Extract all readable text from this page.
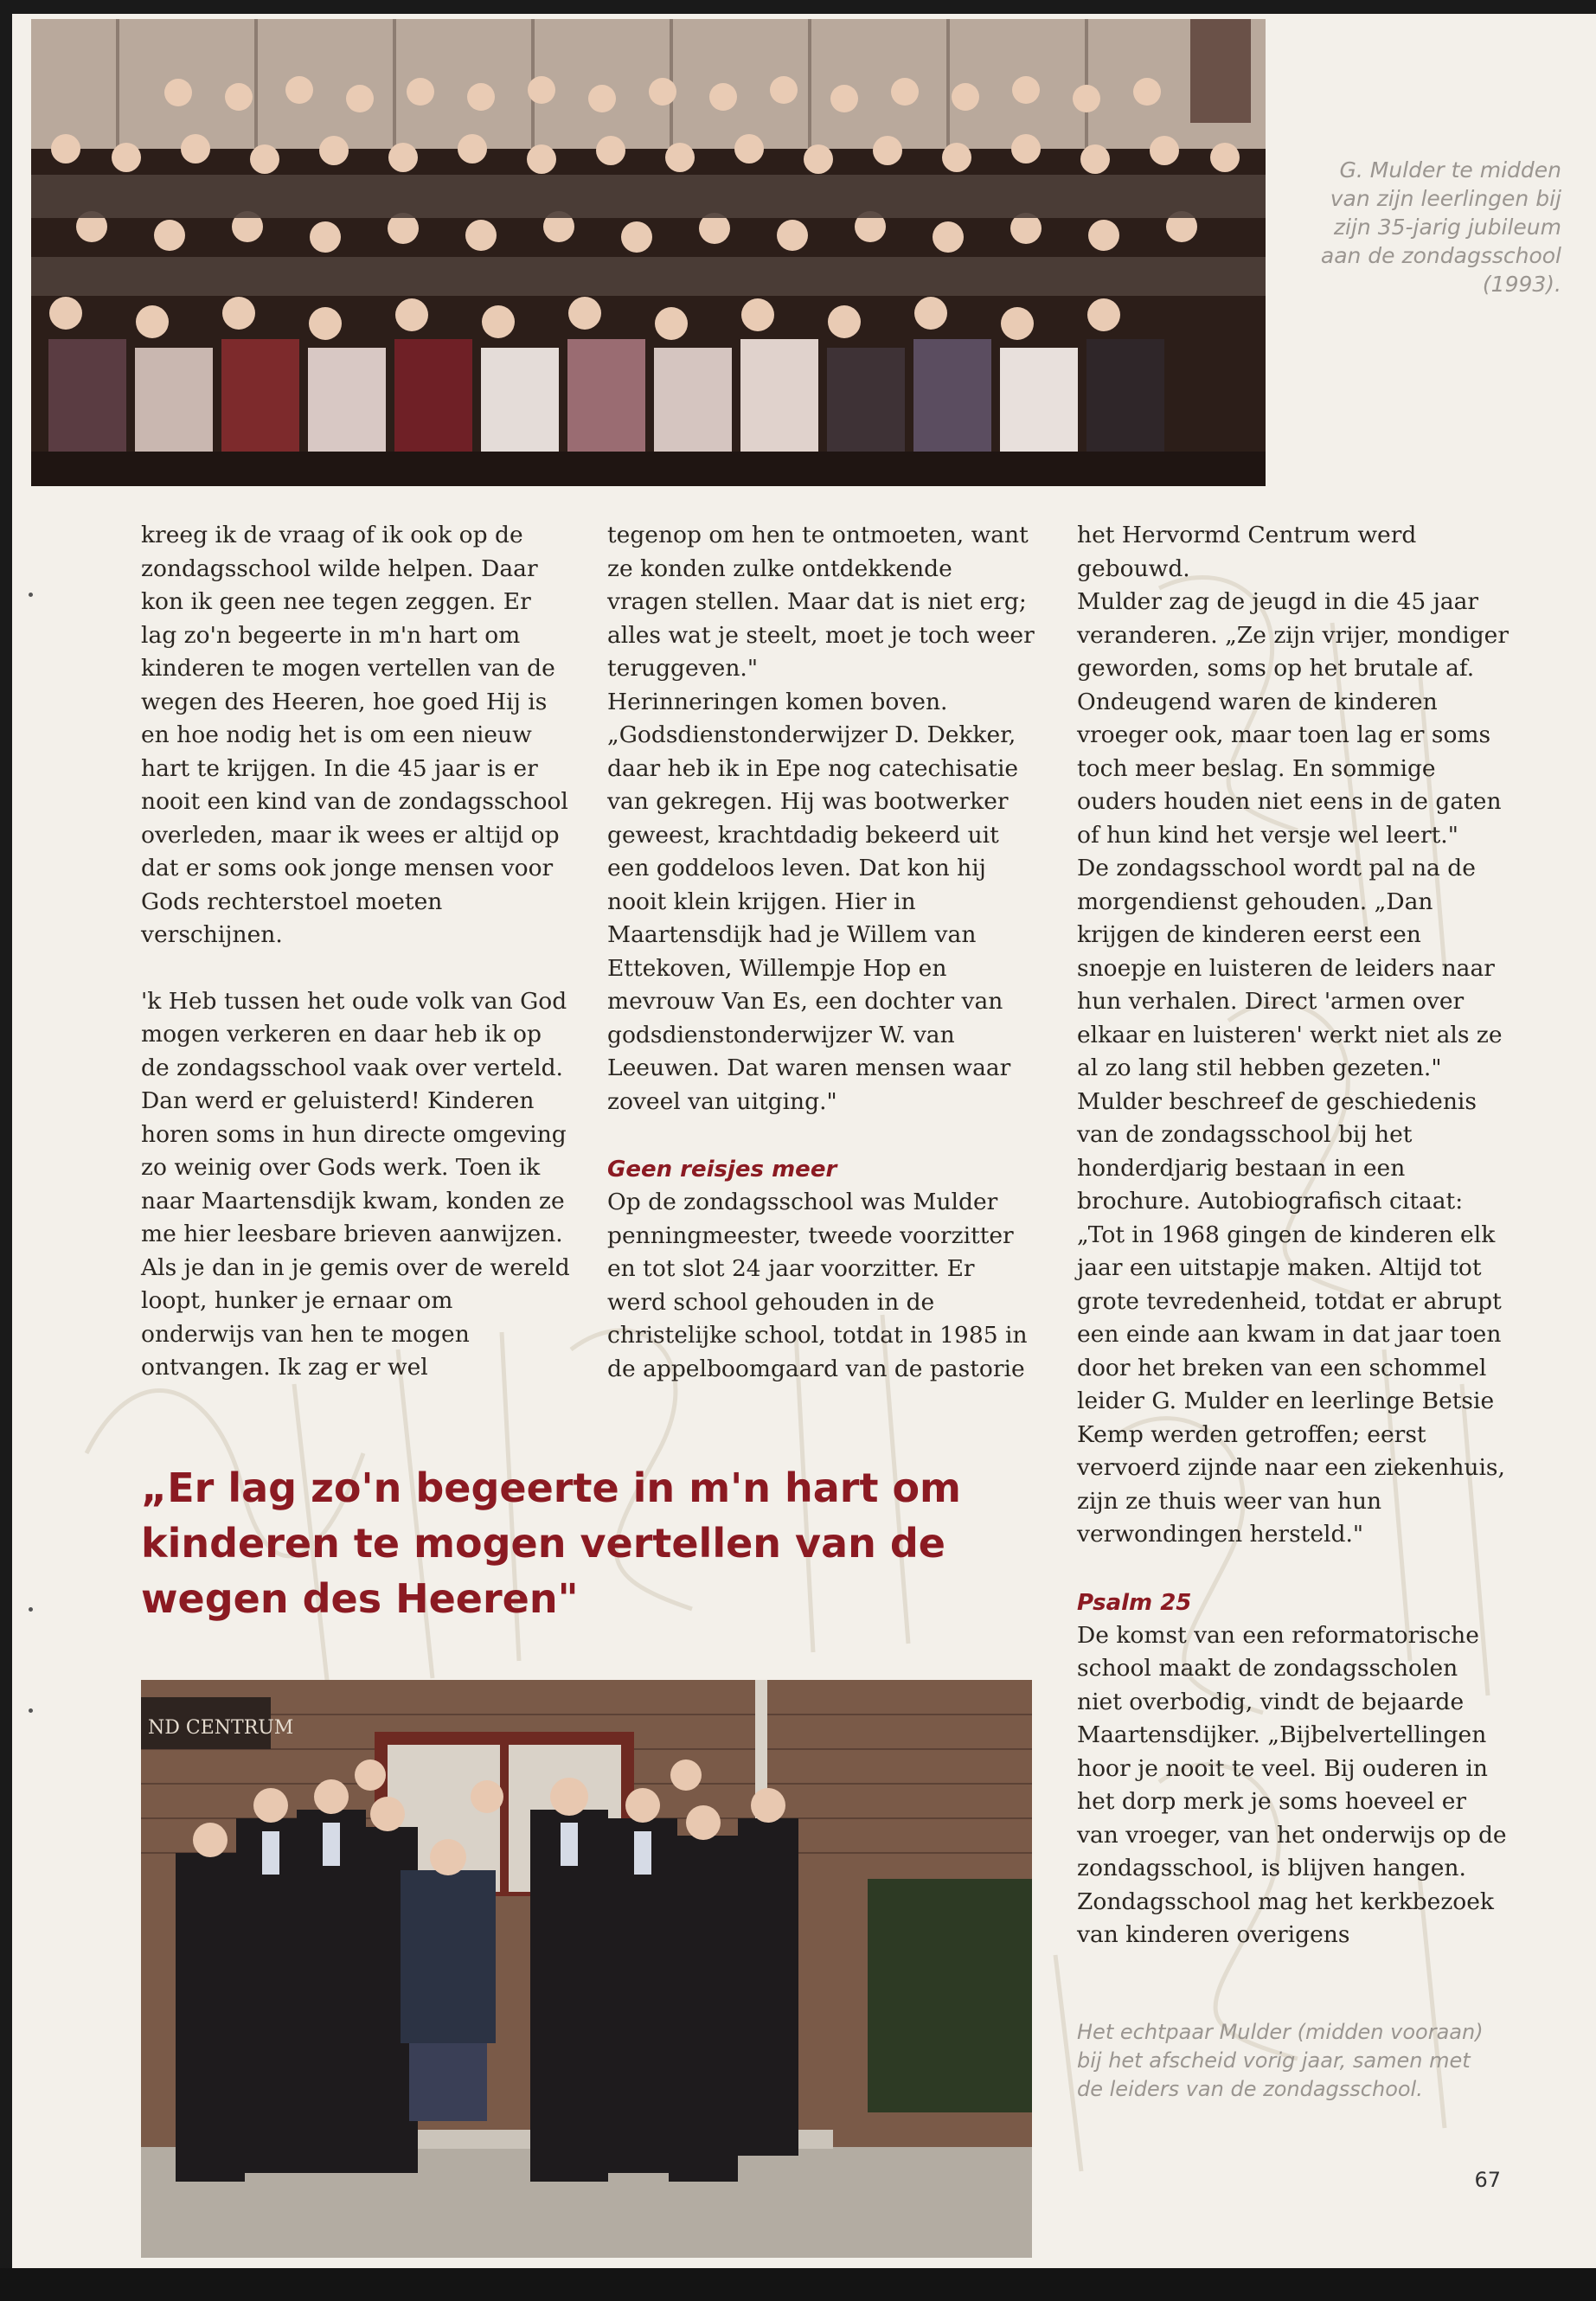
G. Mulder te midden van zijn leerlingen bij zijn 35-jarig jubileum aan de zondagsschool (1993).

kreeg ik de vraag of ik ook op de zondagsschool wilde helpen. Daar kon ik geen nee tegen zeggen. Er lag zo'n begeerte in m'n hart om kinderen te mogen vertellen van de wegen des Heeren, hoe goed Hij is en hoe nodig het is om een nieuw hart te krijgen. In die 45 jaar is er nooit een kind van de zondagsschool overleden, maar ik wees er altijd op dat er soms ook jonge mensen voor Gods rechterstoel moeten verschijnen.

'k Heb tussen het oude volk van God mogen verkeren en daar heb ik op de zondagsschool vaak over verteld. Dan werd er geluisterd! Kinderen horen soms in hun directe omgeving zo weinig over Gods werk. Toen ik naar Maartensdijk kwam, konden ze me hier leesbare brieven aanwijzen. Als je dan in je gemis over de wereld loopt, hunker je ernaar om onderwijs van hen te mogen ontvangen. Ik zag er wel

tegenop om hen te ontmoeten, want ze konden zulke ontdekkende vragen stellen. Maar dat is niet erg; alles wat je steelt, moet je toch weer teruggeven."

Herinneringen komen boven. „Godsdienstonderwijzer D. Dekker, daar heb ik in Epe nog catechisatie van gekregen. Hij was bootwerker geweest, krachtdadig bekeerd uit een goddeloos leven. Dat kon hij nooit klein krijgen. Hier in Maartensdijk had je Willem van Ettekoven, Willempje Hop en mevrouw Van Es, een dochter van godsdienstonderwijzer W. van Leeuwen. Dat waren mensen waar zoveel van uitging."

Geen reisjes meer

Op de zondagsschool was Mulder penningmeester, tweede voorzitter en tot slot 24 jaar voorzitter. Er werd school gehouden in de christelijke school, totdat in 1985 in de appelboomgaard van de pastorie

het Hervormd Centrum werd gebouwd.

Mulder zag de jeugd in die 45 jaar veranderen. „Ze zijn vrijer, mondiger geworden, soms op het brutale af. Ondeugend waren de kinderen vroeger ook, maar toen lag er soms toch meer beslag. En sommige ouders houden niet eens in de gaten of hun kind het versje wel leert."

De zondagsschool wordt pal na de morgendienst gehouden. „Dan krijgen de kinderen eerst een snoepje en luisteren de leiders naar hun verhalen. Direct 'armen over elkaar en luisteren' werkt niet als ze al zo lang stil hebben gezeten."

Mulder beschreef de geschiedenis van de zondagsschool bij het honderdjarig bestaan in een brochure. Autobiografisch citaat: „Tot in 1968 gingen de kinderen elk jaar een uitstapje maken. Altijd tot grote tevredenheid, totdat er abrupt een einde aan kwam in dat jaar toen door het breken van een schommel leider G. Mulder en leerlinge Betsie Kemp werden getroffen; eerst vervoerd zijnde naar een ziekenhuis, zijn ze thuis weer van hun verwondingen hersteld."

Psalm 25

De komst van een reformatorische school maakt de zondagsscholen niet overbodig, vindt de bejaarde Maartensdijker. „Bijbelvertellingen hoor je nooit te veel. Bij ouderen in het dorp merk je soms hoeveel er van vroeger, van het onderwijs op de zondagsschool, is blijven hangen. Zondagsschool mag het kerkbezoek van kinderen overigens

„Er lag zo'n begeerte in m'n hart om kinderen te mogen vertellen van de wegen des Heeren"

ND CENTRUM
Het echtpaar Mulder (midden vooraan) bij het afscheid vorig jaar, samen met de leiders van de zondagsschool.
67
